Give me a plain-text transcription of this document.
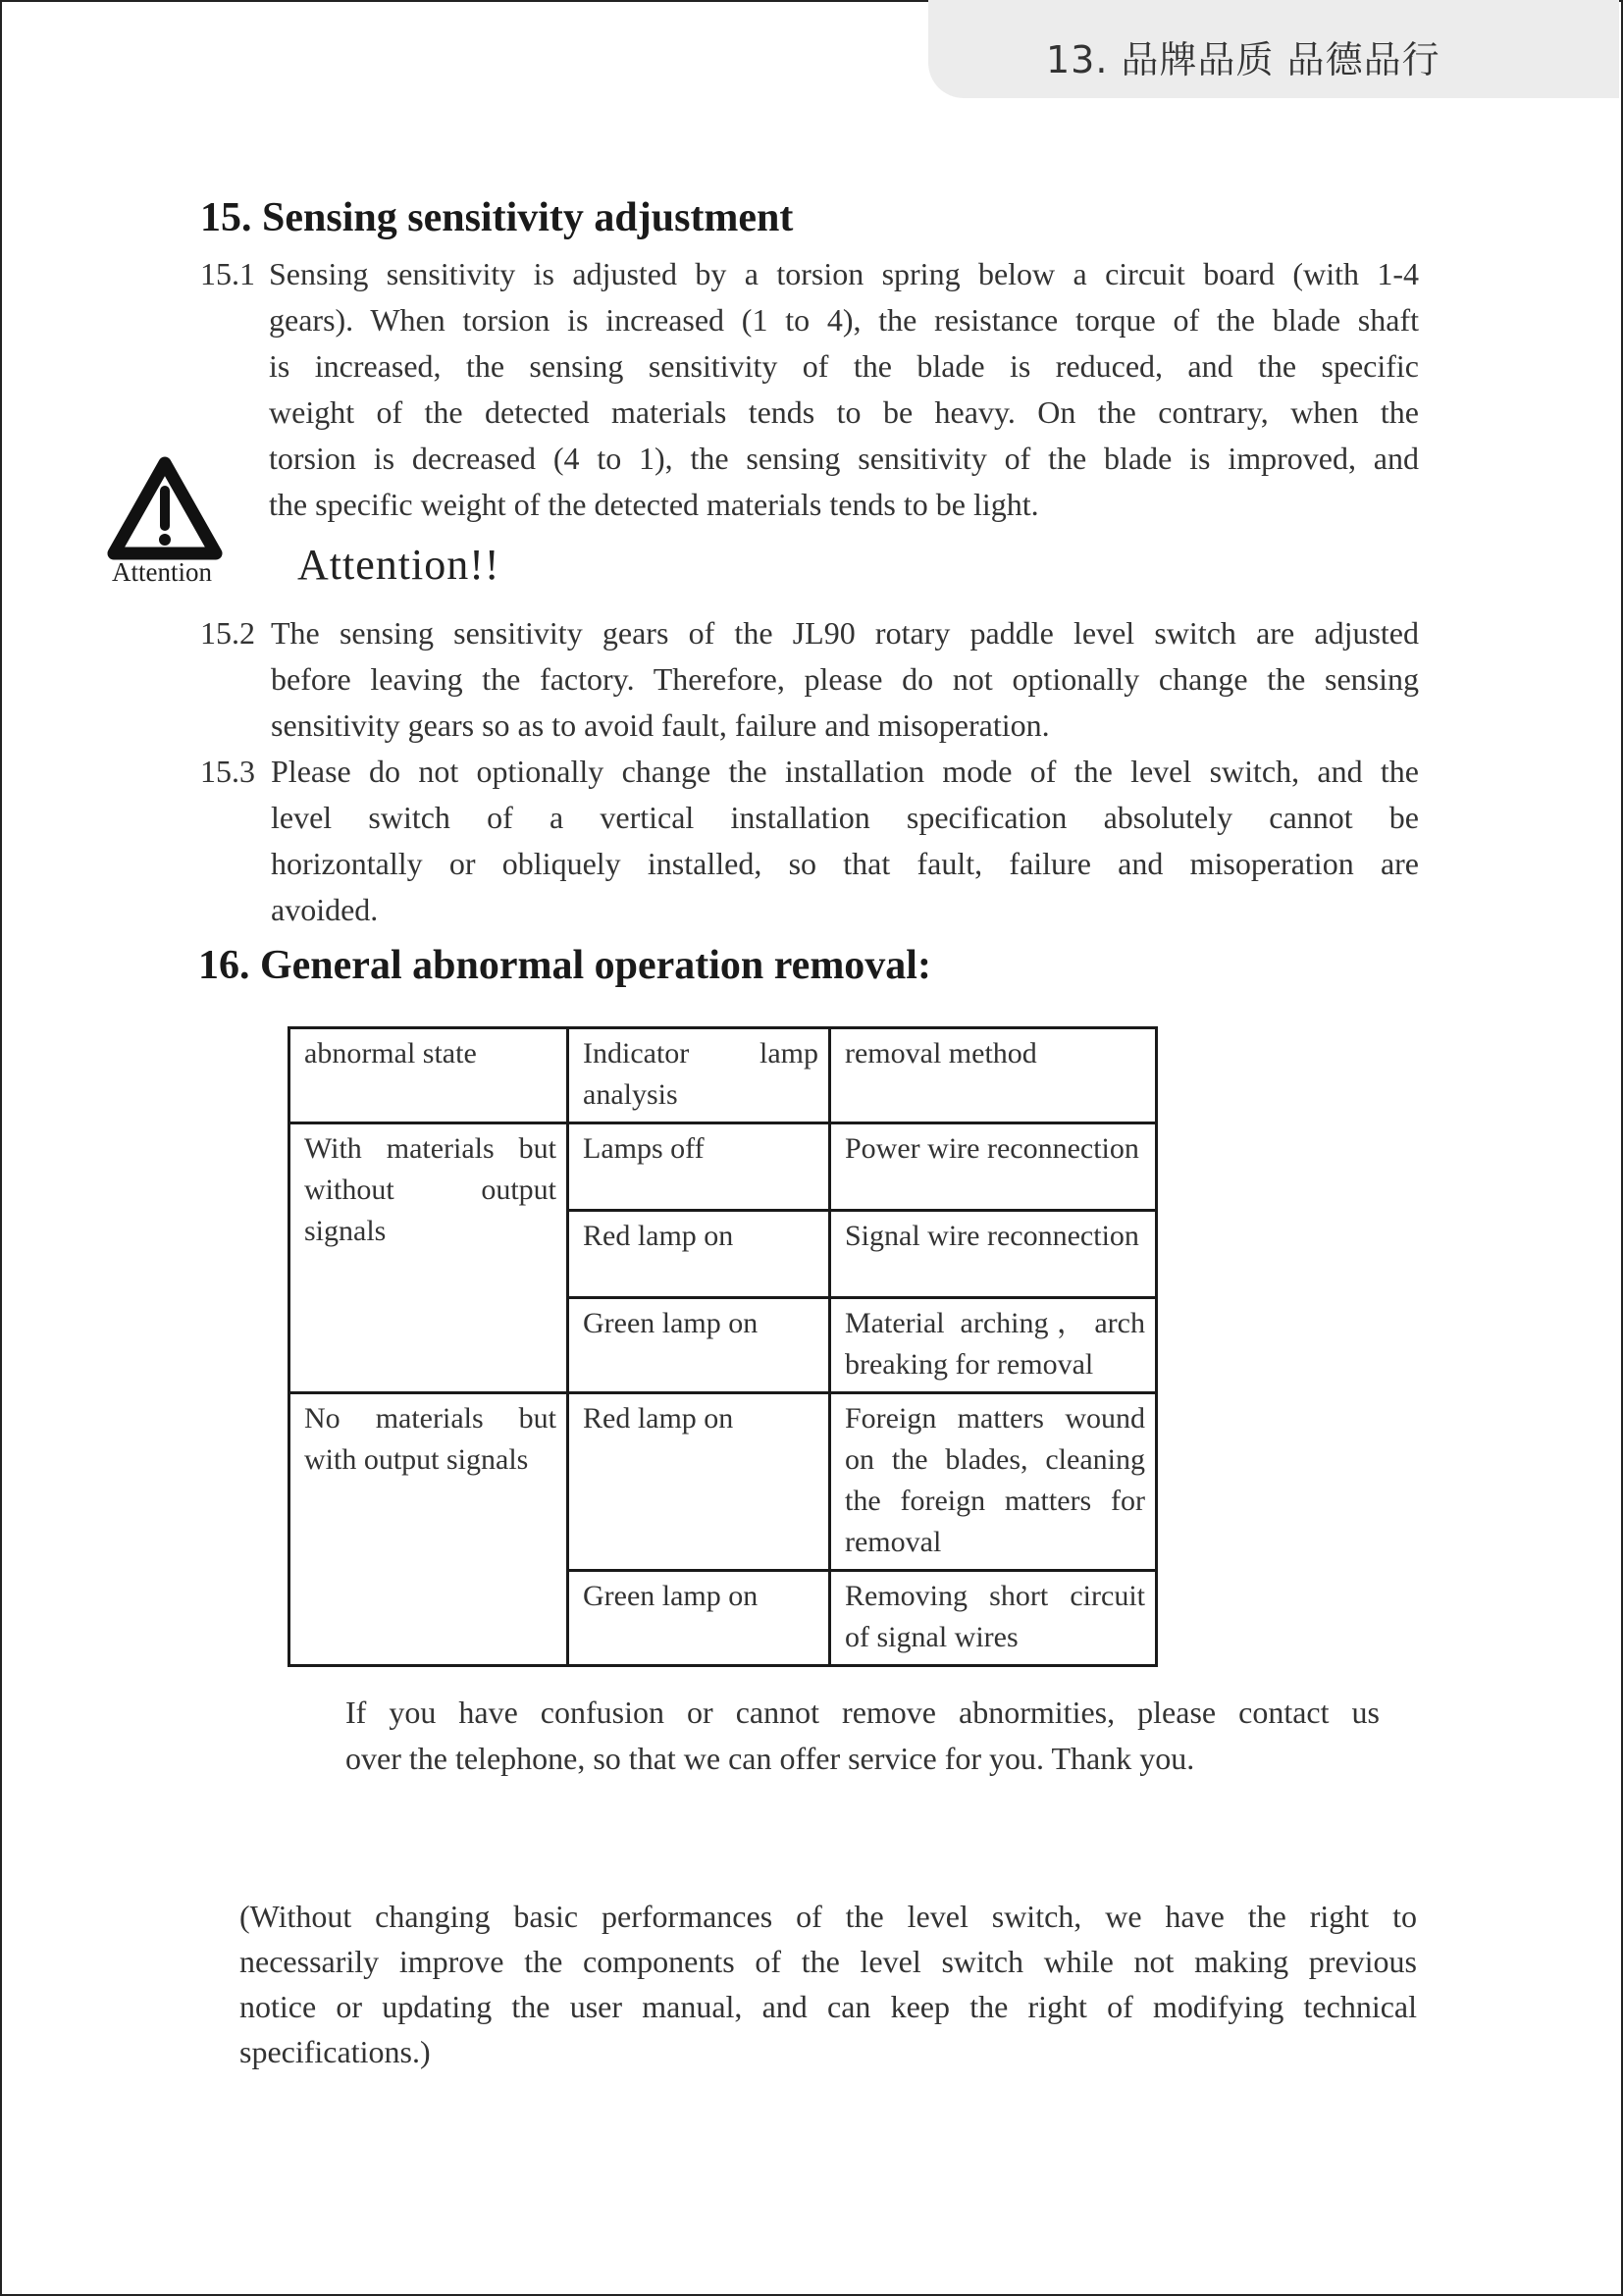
13. 品牌品质 品德品行
15. Sensing sensitivity adjustment
15.1 Sensing sensitivity is adjusted by a torsion spring below a circuit board (with 1-4
gears). When torsion is increased (1 to 4), the resistance torque of the blade shaft
is increased, the sensing sensitivity of the blade is reduced, and the specific
weight of the detected materials tends to be heavy. On the contrary, when the
torsion is decreased (4 to 1), the sensing sensitivity of the blade is improved, and
the specific weight of the detected materials tends to be light.
Attention Attention!!
15.2 The sensing sensitivity gears of the JL90 rotary paddle level switch are adjusted
before leaving the factory. Therefore, please do not optionally change the sensing
sensitivity gears so as to avoid fault, failure and misoperation.
15.3 Please do not optionally change the installation mode of the level switch, and the
level switch of a vertical installation specification absolutely cannot be
horizontally or obliquely installed, so that fault, failure and misoperation are
avoided.
16. General abnormal operation removal:
abnormal state	Indicator lamp analysis	removal method
With materials but without output signals	Lamps off	Power wire reconnection
	Red lamp on	Signal wire reconnection
	Green lamp on	Material arching，arch breaking for removal
No materials but with output signals	Red lamp on	Foreign matters wound on the blades, cleaning the foreign matters for removal
	Green lamp on	Removing short circuit of signal wires
If you have confusion or cannot remove abnormities, please contact us
over the telephone, so that we can offer service for you. Thank you.
(Without changing basic performances of the level switch, we have the right to
necessarily improve the components of the level switch while not making previous
notice or updating the user manual, and can keep the right of modifying technical
specifications.)
